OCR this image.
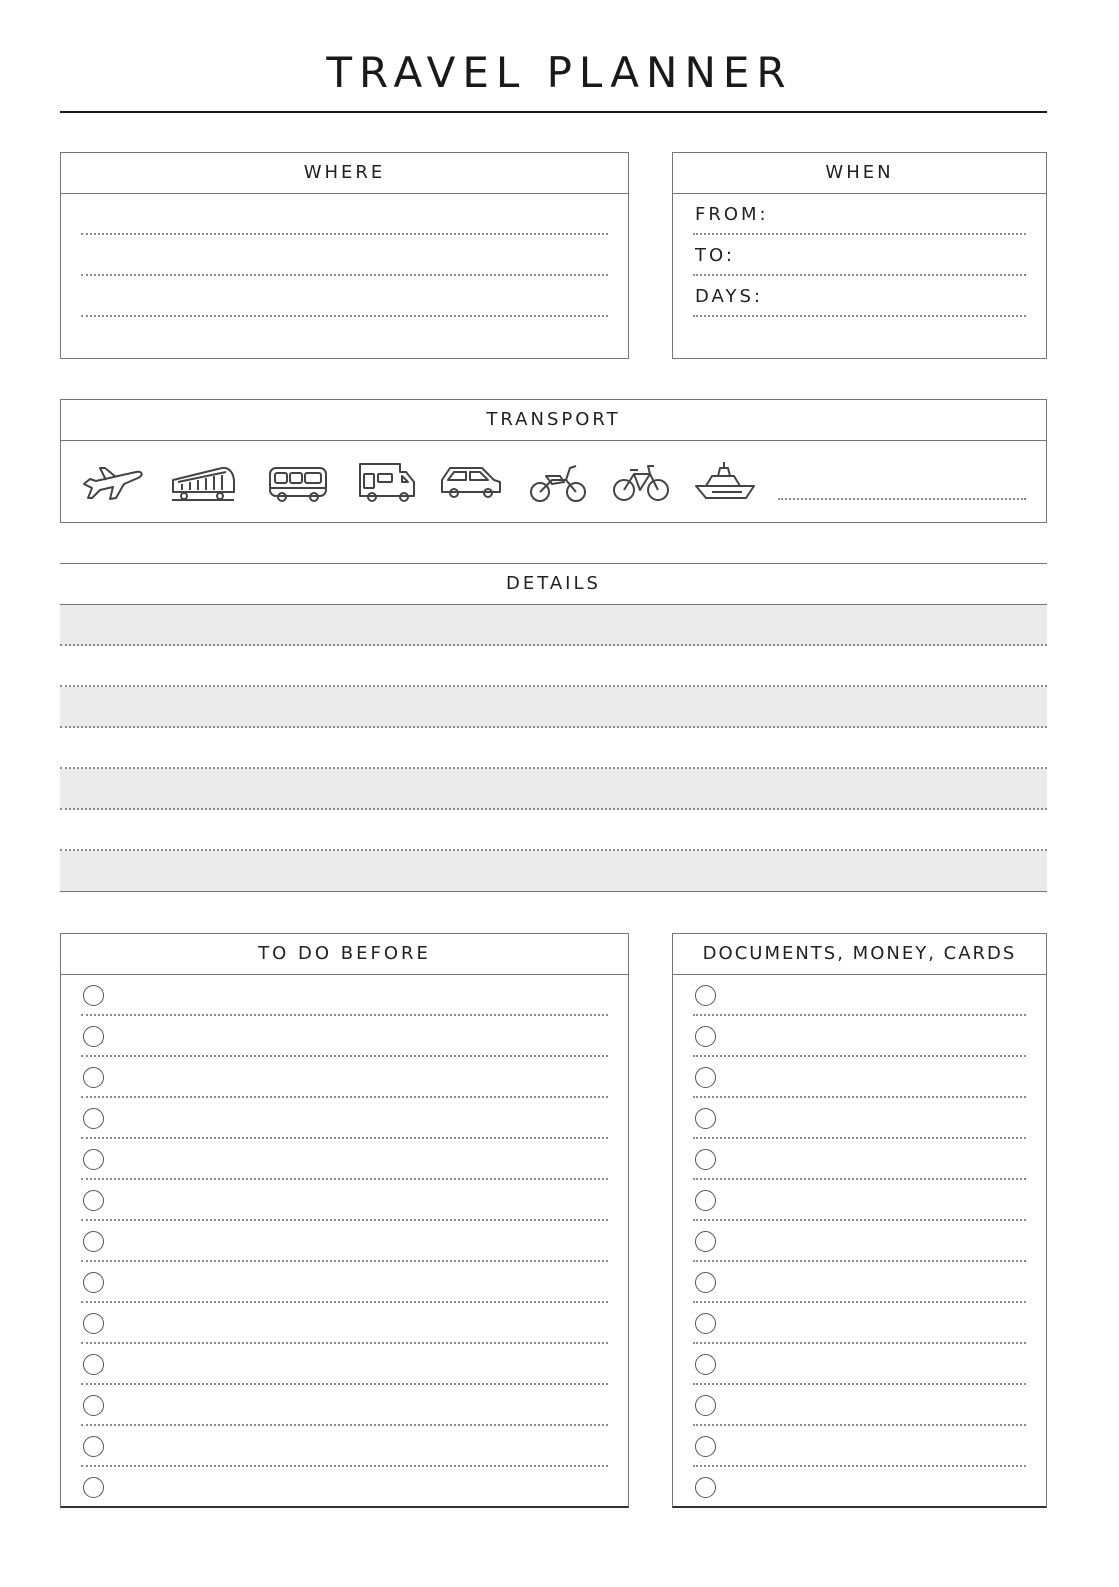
TRAVEL PLANNER
WHERE	WHEN
FROM:
TO:
DAYS:
TRANSPORT
DETAILS
TO DO BEFORE	DOCUMENTS, MONEY, CARDS
